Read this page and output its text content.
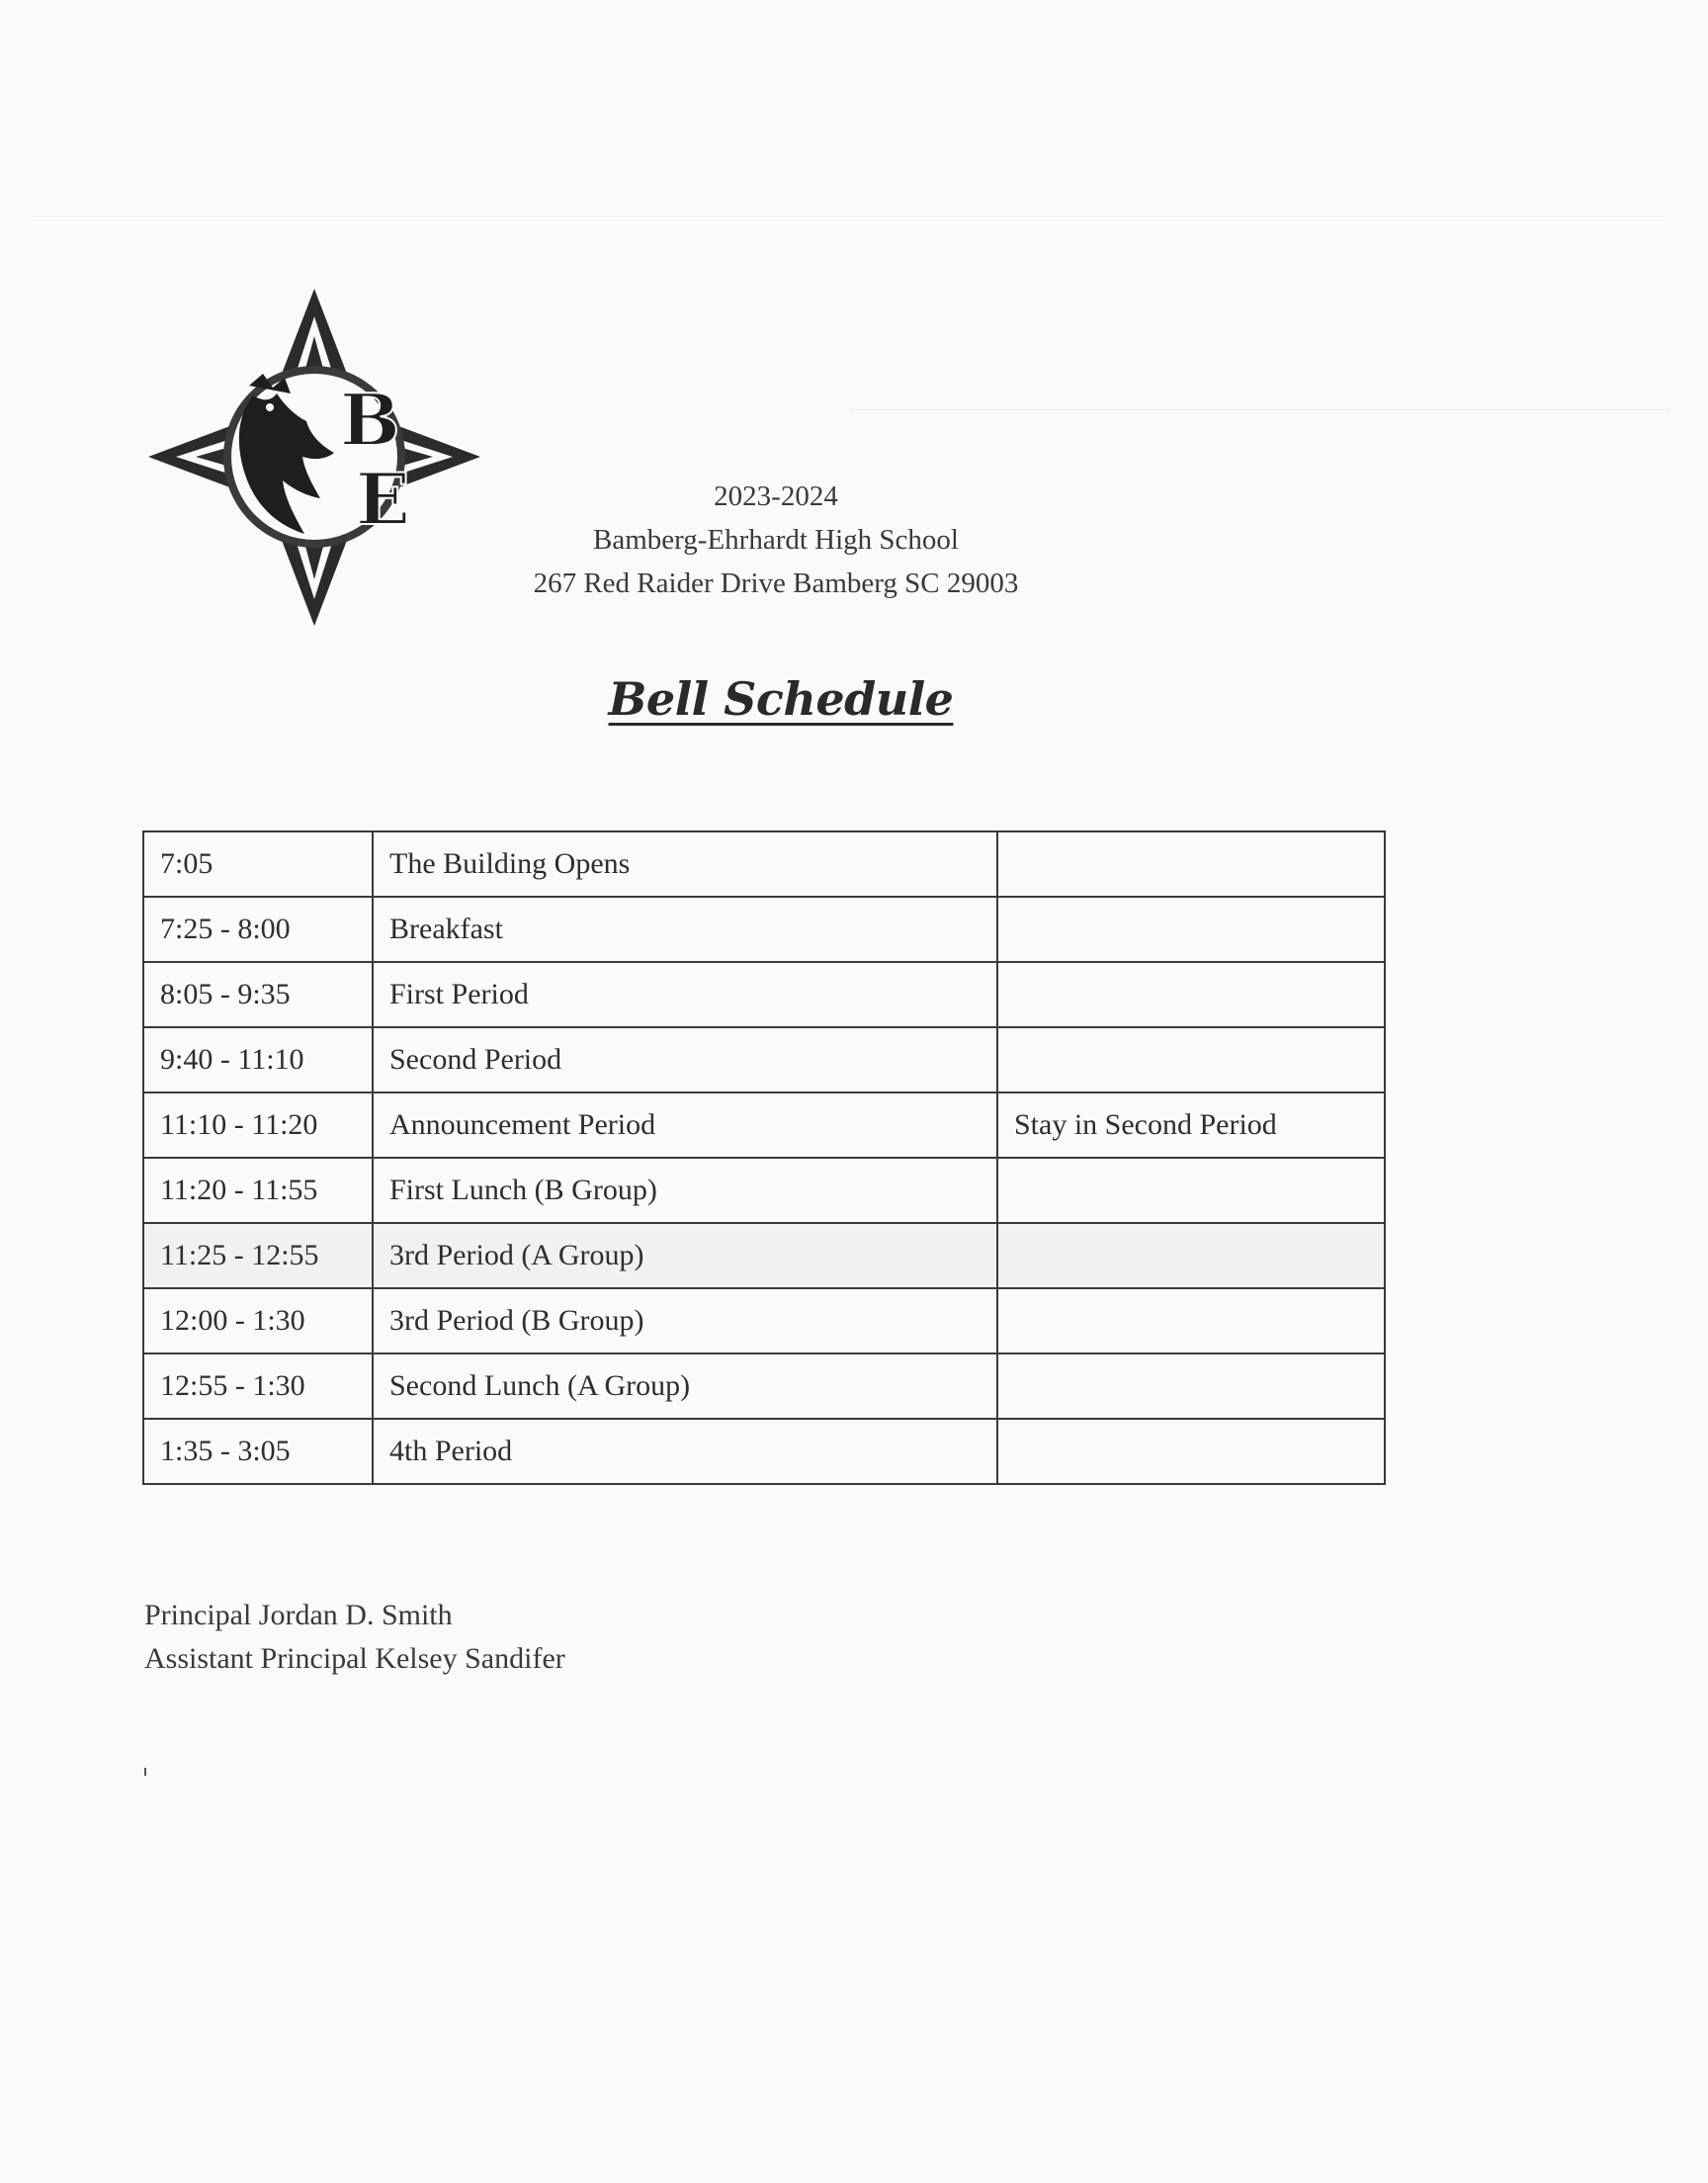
B
E	2023-2024
Bamberg-Ehrhardt High School
267 Red Raider Drive Bamberg SC 29003
Bell Schedule
7:05	The Building Opens	
7:25 - 8:00	Breakfast	
8:05 - 9:35	First Period	
9:40 - 11:10	Second Period	
11:10 - 11:20	Announcement Period	Stay in Second Period
11:20 - 11:55	First Lunch (B Group)	
11:25 - 12:55	3rd Period (A Group)	
12:00 - 1:30	3rd Period (B Group)	
12:55 - 1:30	Second Lunch (A Group)	
1:35 - 3:05	4th Period	
Principal Jordan D. Smith
Assistant Principal Kelsey Sandifer
